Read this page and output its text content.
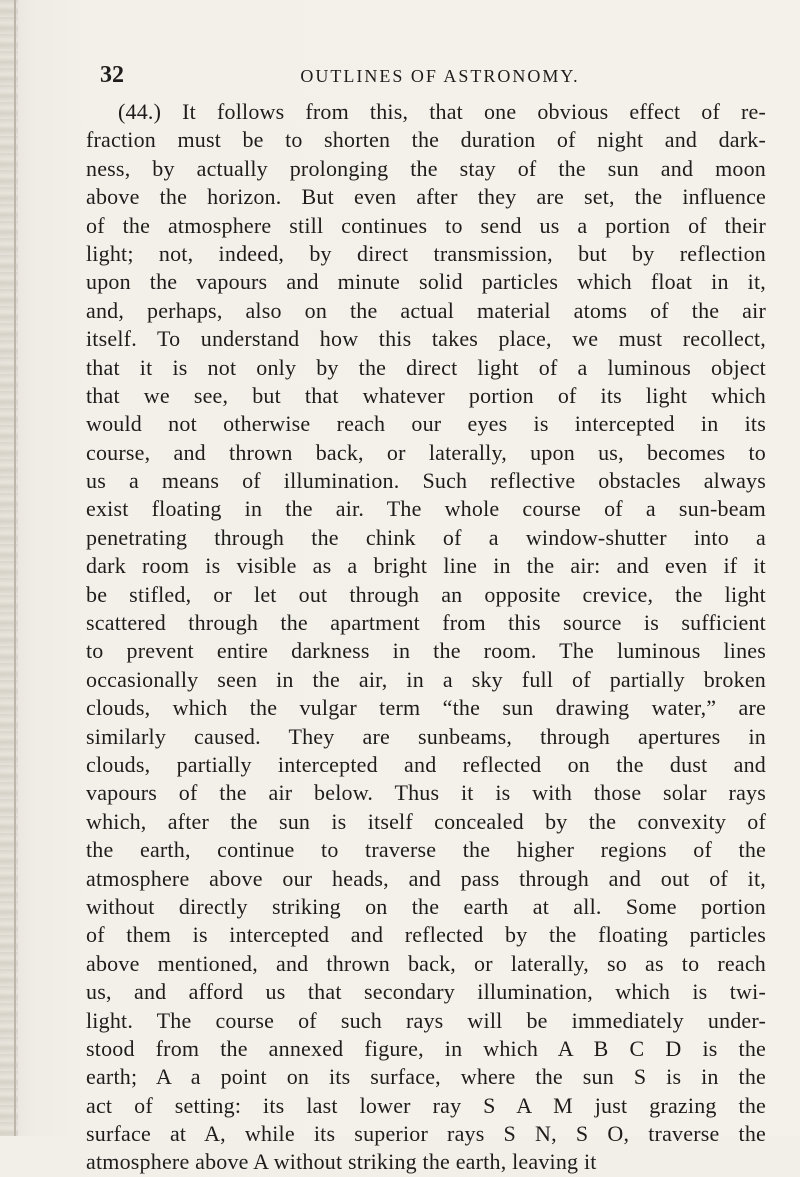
32	OUTLINES OF ASTRONOMY.
(44.) It follows from this, that one obvious effect of re-
fraction must be to shorten the duration of night and dark-
ness, by actually prolonging the stay of the sun and moon
above the horizon. But even after they are set, the influence
of the atmosphere still continues to send us a portion of their
light; not, indeed, by direct transmission, but by reflection
upon the vapours and minute solid particles which float in it,
and, perhaps, also on the actual material atoms of the air
itself. To understand how this takes place, we must recollect,
that it is not only by the direct light of a luminous object
that we see, but that whatever portion of its light which
would not otherwise reach our eyes is intercepted in its
course, and thrown back, or laterally, upon us, becomes to
us a means of illumination. Such reflective obstacles always
exist floating in the air. The whole course of a sun-beam
penetrating through the chink of a window-shutter into a
dark room is visible as a bright line in the air: and even if it
be stifled, or let out through an opposite crevice, the light
scattered through the apartment from this source is sufficient
to prevent entire darkness in the room. The luminous lines
occasionally seen in the air, in a sky full of partially broken
clouds, which the vulgar term “the sun drawing water,” are
similarly caused. They are sunbeams, through apertures in
clouds, partially intercepted and reflected on the dust and
vapours of the air below. Thus it is with those solar rays
which, after the sun is itself concealed by the convexity of
the earth, continue to traverse the higher regions of the
atmosphere above our heads, and pass through and out of it,
without directly striking on the earth at all. Some portion
of them is intercepted and reflected by the floating particles
above mentioned, and thrown back, or laterally, so as to reach
us, and afford us that secondary illumination, which is twi-
light. The course of such rays will be immediately under-
stood from the annexed figure, in which A B C D is the
earth; A a point on its surface, where the sun S is in the
act of setting: its last lower ray S A M just grazing the
surface at A, while its superior rays S N, S O, traverse the
atmosphere above A without striking the earth, leaving it
